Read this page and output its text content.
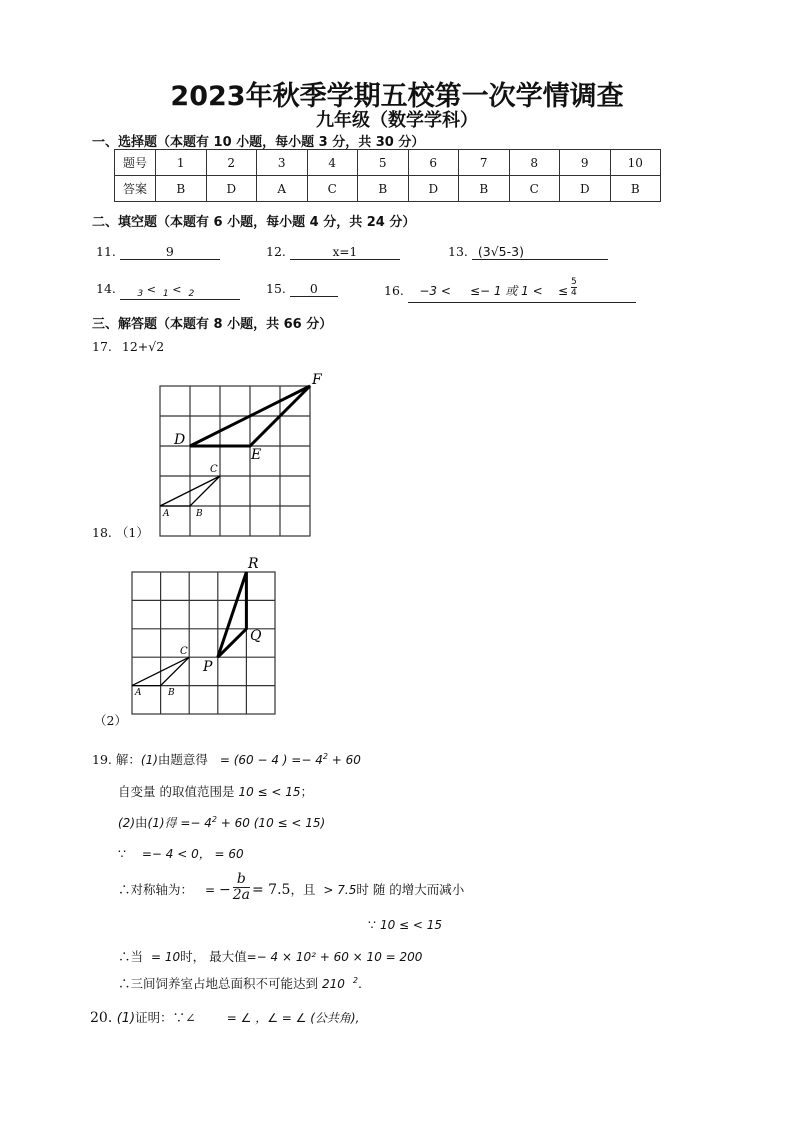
2023年秋季学期五校第一次学情调查
九年级（数学学科）
一、选择题（本题有 10 小题，每小题 3 分，共 30 分）
题号	1	2	3	4	5	6	7	8	9	10
答案	B	D	A	C	B	D	B	C	D	B
二、填空题（本题有 6 小题，每小题 4 分，共 24 分）
11.	9	12.	x=1	13. (3√5-3)
14. $_3$ < $_1$ < $_2$	15. 0	16. −3 < ≤− 1 或 1 < ≤ $\frac{5}{4}$
三、解答题（本题有 8 小题，共 66 分）
17. 12+√2
D
E
F
C
A	B
18. （1）
R
Q
P
C
A	B
（2）
19. 解：(1)由题意得 = (60 − 4 ) =− $4^2 + 60$
自变量 的取值范围是 10 ≤ < 15；
(2)由(1)得 =− $4^2 + 60$ (10 ≤ < 15)
∵ =− 4 < 0， = 60
∴对称轴为： = − $\frac{b}{2a} = 7.5$，且 > 7.5时 随 的增大而减小
∵ 10 ≤ < 15
∴当 = 10时， 最大值=− 4 × 10² + 60 × 10 = 200
∴三间饲养室占地总面积不可能达到 210 $^2$.
20. (1)证明：∵∠	= ∠ ，∠ = ∠ (公共角),
